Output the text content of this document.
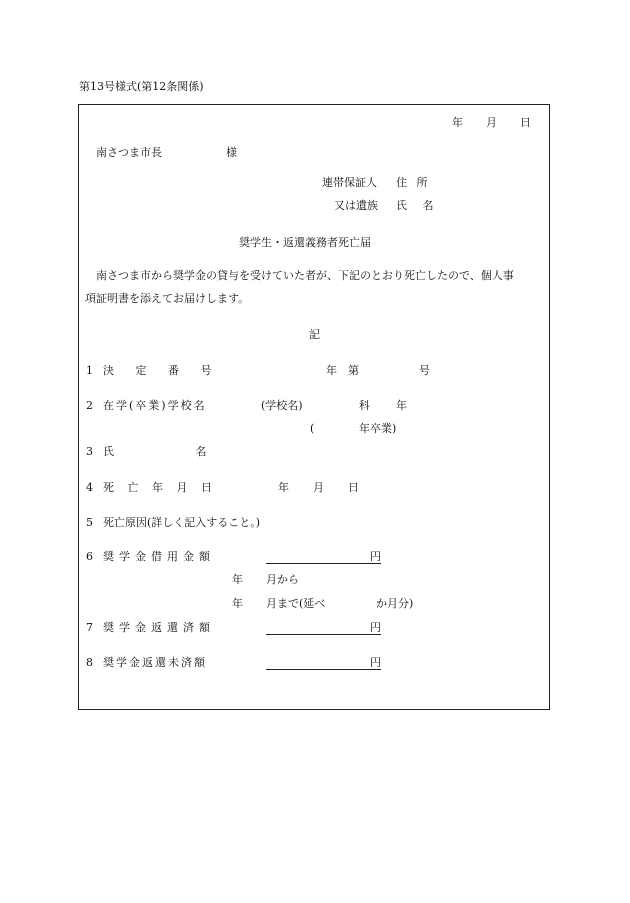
第13号様式(第12条関係)
年 月 日
南さつま市長	様
連帯保証人 住 所
又は遺族 氏 名
奨学生・返還義務者死亡届
南さつま市から奨学金の貸与を受けていた者が、下記のとおり死亡したので、個人事
項証明書を添えてお届けします。
記
1 決 定 番 号	年 第	号
2 在学(卒業)学校名	(学校名)	科 年
(	年卒業)
3 氏 名
4 死 亡 年 月 日	年 月 日
5 死亡原因(詳しく記入すること。)
6 奨学金借用金額	円
年 月から
年 月まで(延べ	か月分)
7 奨学金返還済額	円
8 奨学金返還未済額	円
